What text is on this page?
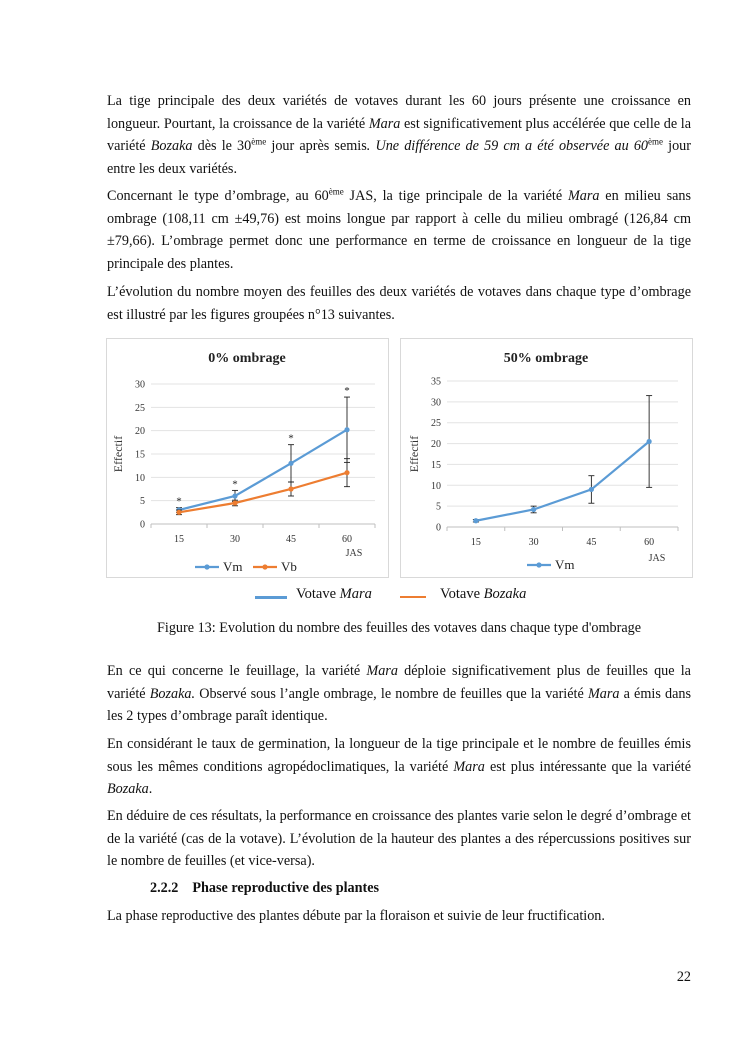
La tige principale des deux variétés de votaves durant les 60 jours présente une croissance en longueur. Pourtant, la croissance de la variété Mara est significativement plus accélérée que celle de la variété Bozaka dès le 30ème jour après semis. Une différence de 59 cm a été observée au 60ème jour entre les deux variétés.

Concernant le type d’ombrage, au 60ème JAS, la tige principale de la variété Mara en milieu sans ombrage (108,11 cm ±49,76) est moins longue par rapport à celle du milieu ombragé (126,84 cm ±79,66). L’ombrage permet donc une performance en terme de croissance en longueur de la tige principale des plantes.

L’évolution du nombre moyen des feuilles des deux variétés de votaves dans chaque type d’ombrage est illustré par les figures groupées n°13 suivantes.

0% ombrage
0
5
10
15
20
25
30
15	30	45	60
JAS
Effectif
*
*
*
*
Vm	Vb
50% ombrage
0
5
10
15
20
25
30
35
15	30	45	60
JAS
Effectif
Vm
Votave Mara	Votave Bozaka
Figure 13: Evolution du nombre des feuilles des votaves dans chaque type d'ombrage

En ce qui concerne le feuillage, la variété Mara déploie significativement plus de feuilles que la variété Bozaka. Observé sous l’angle ombrage, le nombre de feuilles que la variété Mara a émis dans les 2 types d’ombrage paraît identique.

En considérant le taux de germination, la longueur de la tige principale et le nombre de feuilles émis sous les mêmes conditions agropédoclimatiques, la variété Mara est plus intéressante que la variété Bozaka.

En déduire de ces résultats, la performance en croissance des plantes varie selon le degré d’ombrage et de la variété (cas de la votave). L’évolution de la hauteur des plantes a des répercussions positives sur le nombre de feuilles (et vice-versa).

2.2.2 Phase reproductive des plantes

La phase reproductive des plantes débute par la floraison et suivie de leur fructification.

22
